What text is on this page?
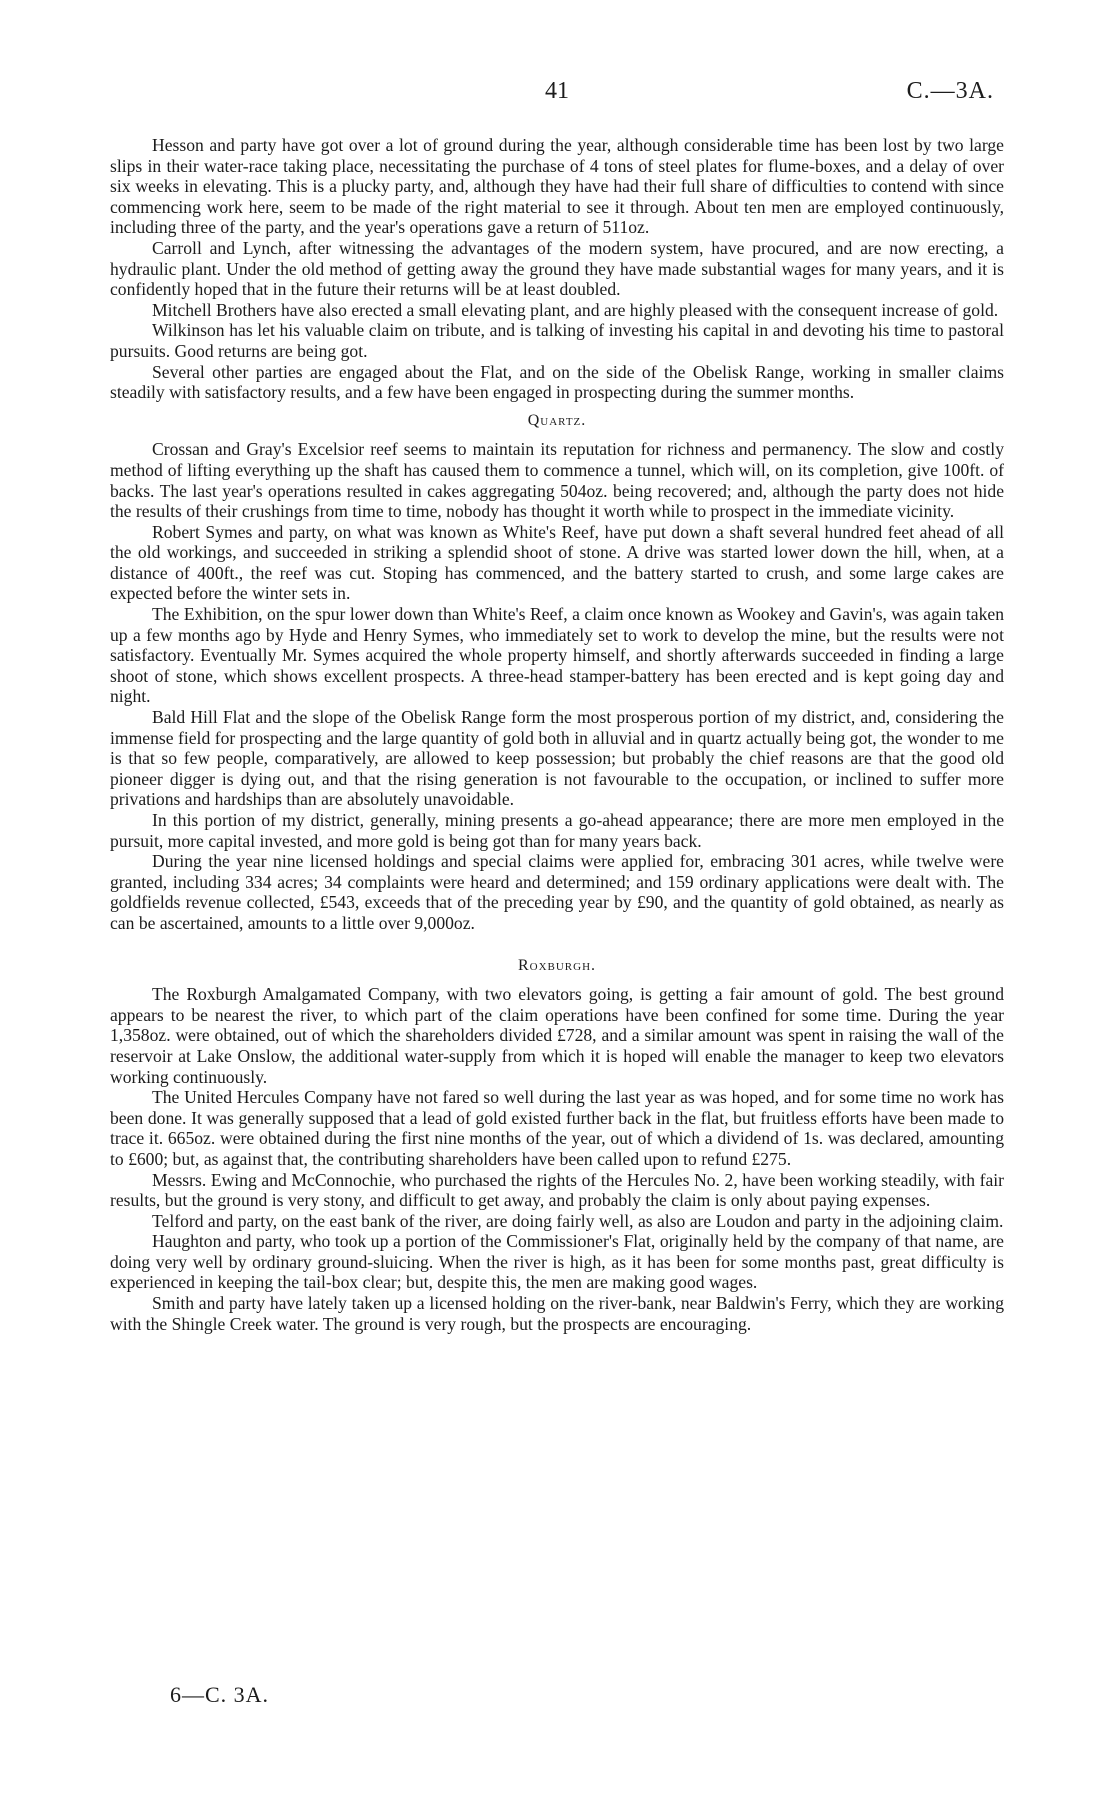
41	C.—3A.

Hesson and party have got over a lot of ground during the year, although considerable time has been lost by two large slips in their water-race taking place, necessitating the purchase of 4 tons of steel plates for flume-boxes, and a delay of over six weeks in elevating. This is a plucky party, and, although they have had their full share of difficulties to contend with since commencing work here, seem to be made of the right material to see it through. About ten men are employed continuously, including three of the party, and the year's operations gave a return of 511oz.

Carroll and Lynch, after witnessing the advantages of the modern system, have procured, and are now erecting, a hydraulic plant. Under the old method of getting away the ground they have made substantial wages for many years, and it is confidently hoped that in the future their returns will be at least doubled.

Mitchell Brothers have also erected a small elevating plant, and are highly pleased with the consequent increase of gold.

Wilkinson has let his valuable claim on tribute, and is talking of investing his capital in and devoting his time to pastoral pursuits. Good returns are being got.

Several other parties are engaged about the Flat, and on the side of the Obelisk Range, working in smaller claims steadily with satisfactory results, and a few have been engaged in prospecting during the summer months.

Quartz.

Crossan and Gray's Excelsior reef seems to maintain its reputation for richness and permanency. The slow and costly method of lifting everything up the shaft has caused them to commence a tunnel, which will, on its completion, give 100ft. of backs. The last year's operations resulted in cakes aggregating 504oz. being recovered; and, although the party does not hide the results of their crushings from time to time, nobody has thought it worth while to prospect in the immediate vicinity.

Robert Symes and party, on what was known as White's Reef, have put down a shaft several hundred feet ahead of all the old workings, and succeeded in striking a splendid shoot of stone. A drive was started lower down the hill, when, at a distance of 400ft., the reef was cut. Stoping has commenced, and the battery started to crush, and some large cakes are expected before the winter sets in.

The Exhibition, on the spur lower down than White's Reef, a claim once known as Wookey and Gavin's, was again taken up a few months ago by Hyde and Henry Symes, who immediately set to work to develop the mine, but the results were not satisfactory. Eventually Mr. Symes acquired the whole property himself, and shortly afterwards succeeded in finding a large shoot of stone, which shows excellent prospects. A three-head stamper-battery has been erected and is kept going day and night.

Bald Hill Flat and the slope of the Obelisk Range form the most prosperous portion of my district, and, considering the immense field for prospecting and the large quantity of gold both in alluvial and in quartz actually being got, the wonder to me is that so few people, comparatively, are allowed to keep possession; but probably the chief reasons are that the good old pioneer digger is dying out, and that the rising generation is not favourable to the occupation, or inclined to suffer more privations and hardships than are absolutely unavoidable.

In this portion of my district, generally, mining presents a go-ahead appearance; there are more men employed in the pursuit, more capital invested, and more gold is being got than for many years back.

During the year nine licensed holdings and special claims were applied for, embracing 301 acres, while twelve were granted, including 334 acres; 34 complaints were heard and determined; and 159 ordinary applications were dealt with. The goldfields revenue collected, £543, exceeds that of the preceding year by £90, and the quantity of gold obtained, as nearly as can be ascertained, amounts to a little over 9,000oz.

Roxburgh.

The Roxburgh Amalgamated Company, with two elevators going, is getting a fair amount of gold. The best ground appears to be nearest the river, to which part of the claim operations have been confined for some time. During the year 1,358oz. were obtained, out of which the shareholders divided £728, and a similar amount was spent in raising the wall of the reservoir at Lake Onslow, the additional water-supply from which it is hoped will enable the manager to keep two elevators working continuously.

The United Hercules Company have not fared so well during the last year as was hoped, and for some time no work has been done. It was generally supposed that a lead of gold existed further back in the flat, but fruitless efforts have been made to trace it. 665oz. were obtained during the first nine months of the year, out of which a dividend of 1s. was declared, amounting to £600; but, as against that, the contributing shareholders have been called upon to refund £275.

Messrs. Ewing and McConnochie, who purchased the rights of the Hercules No. 2, have been working steadily, with fair results, but the ground is very stony, and difficult to get away, and probably the claim is only about paying expenses.

Telford and party, on the east bank of the river, are doing fairly well, as also are Loudon and party in the adjoining claim.

Haughton and party, who took up a portion of the Commissioner's Flat, originally held by the company of that name, are doing very well by ordinary ground-sluicing. When the river is high, as it has been for some months past, great difficulty is experienced in keeping the tail-box clear; but, despite this, the men are making good wages.

Smith and party have lately taken up a licensed holding on the river-bank, near Baldwin's Ferry, which they are working with the Shingle Creek water. The ground is very rough, but the prospects are encouraging.

6—C. 3A.
